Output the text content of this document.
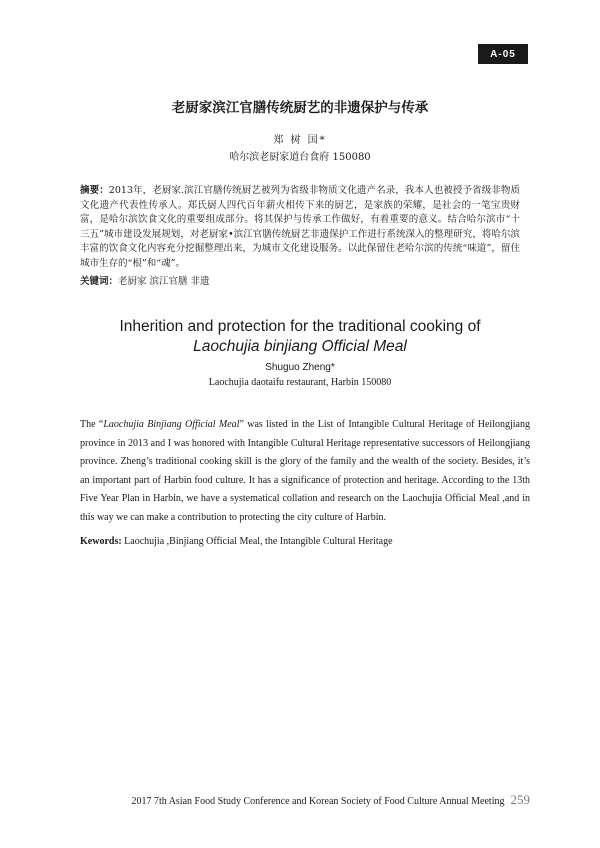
A-05
老厨家滨江官膳传统厨艺的非遗保护与传承
郑 树 国*
哈尔滨老厨家道台食府 150080
摘要：2013年，老厨家.滨江官膳传统厨艺被列为省级非物质文化遗产名录，我本人也被授予省级非物质文化遗产代表性传承人。郑氏厨人四代百年薪火相传下来的厨艺，是家族的荣耀，是社会的一笔宝贵财富，是哈尔滨饮食文化的重要组成部分。将其保护与传承工作做好，有着重要的意义。结合哈尔滨市“十三五”城市建设发展规划，对老厨家•滨江官膳传统厨艺非遗保护工作进行系统深入的整理研究，将哈尔滨丰富的饮食文化内容充分挖掘整理出来，为城市文化建设服务。以此保留住老哈尔滨的传统“味道”，留住城市生存的“根”和“魂”。
关键词：老厨家 滨江官膳 非遗
Inherition and protection for the traditional cooking of
Laochujia binjiang Official Meal
Shuguo Zheng*
Laochujia daotaifu restaurant, Harbin 150080
The “Laochujia Binjiang Official Meal” was listed in the List of Intangible Cultural Heritage of Heilongjiang province in 2013 and I was honored with Intangible Cultural Heritage representative successors of Heilongjiang province. Zheng’s traditional cooking skill is the glory of the family and the wealth of the society. Besides, it’s an important part of Harbin food culture. It has a significance of protection and heritage. According to the 13th Five Year Plan in Harbin, we have a systematical collation and research on the Laochujia Official Meal ,and in this way we can make a contribution to protecting the city culture of Harbin.
Kewords: Laochujia ,Binjiang Official Meal, the Intangible Cultural Heritage
2017 7th Asian Food Study Conference and Korean Society of Food Culture Annual Meeting 259
